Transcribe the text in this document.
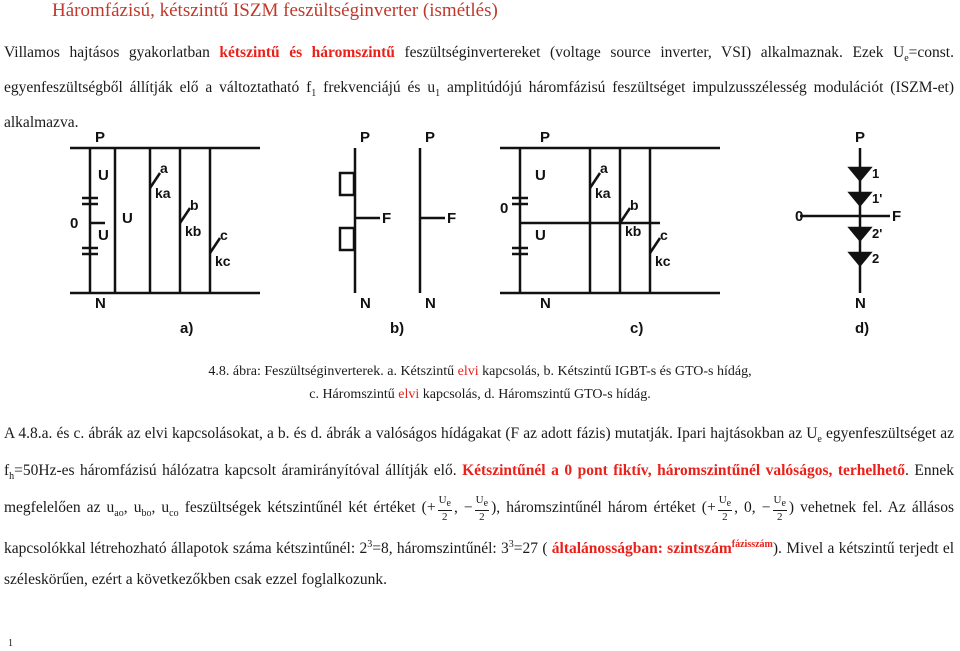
Háromfázisú, kétszintű ISZM feszültséginverter (ismétlés)
Villamos hajtásos gyakorlatban kétszintű és háromszintű feszültséginvertereket (voltage source inverter, VSI) alkalmaznak. Ezek $U_e=const$. egyenfeszültségből állítják elő a változtatható $f_1$ frekvenciájú és $u_1$ amplitúdójú háromfázisú feszültséget impulzusszélesség modulációt (ISZM-et) alkalmazva.
P
N
U
U
0	U
a
ka
b
kb c
kc
P
N
F
P
N
F
P
N
U
U
0
a
ka
b
kb c
kc
P
N
0	F
1
1'
2'
2
a)	b)	c)	d)
4.8. ábra: Feszültséginverterek. a. Kétszintű elvi kapcsolás, b. Kétszintű IGBT-s és GTO-s hídág,
c. Háromszintű elvi kapcsolás, d. Háromszintű GTO-s hídág.
A 4.8.a. és c. ábrák az elvi kapcsolásokat, a b. és d. ábrák a valóságos hídágakat (F az adott fázis) mutatják. Ipari hajtásokban az $U_e$ egyenfeszültséget az $f_h=50Hz-es$ háromfázisú hálózatra kapcsolt áramirányítóval állítják elő. Kétszintűnél a 0 pont fiktív, háromszintűnél valóságos, terhelhető. Ennek megfelelően az $u_{ao}$, $u_{bo}$, $u_{co}$ feszültségek kétszintűnél két értéket (+ $\frac{U_e}{2}$ , − $\frac{U_e}{2}$ ), háromszintűnél három értéket (+ $\frac{U_e}{2}$ , 0, − $\frac{U_e}{2}$ ) vehetnek fel. Az állásos kapcsolókkal létrehozható állapotok száma kétszintűnél: $2^3=8$, háromszintűnél: $3^3=27$ ( általánosságban: szintszám$^{fázisszám}$). Mivel a kétszintű terjedt el széleskörűen, ezért a következőkben csak ezzel foglalkozunk.
1
